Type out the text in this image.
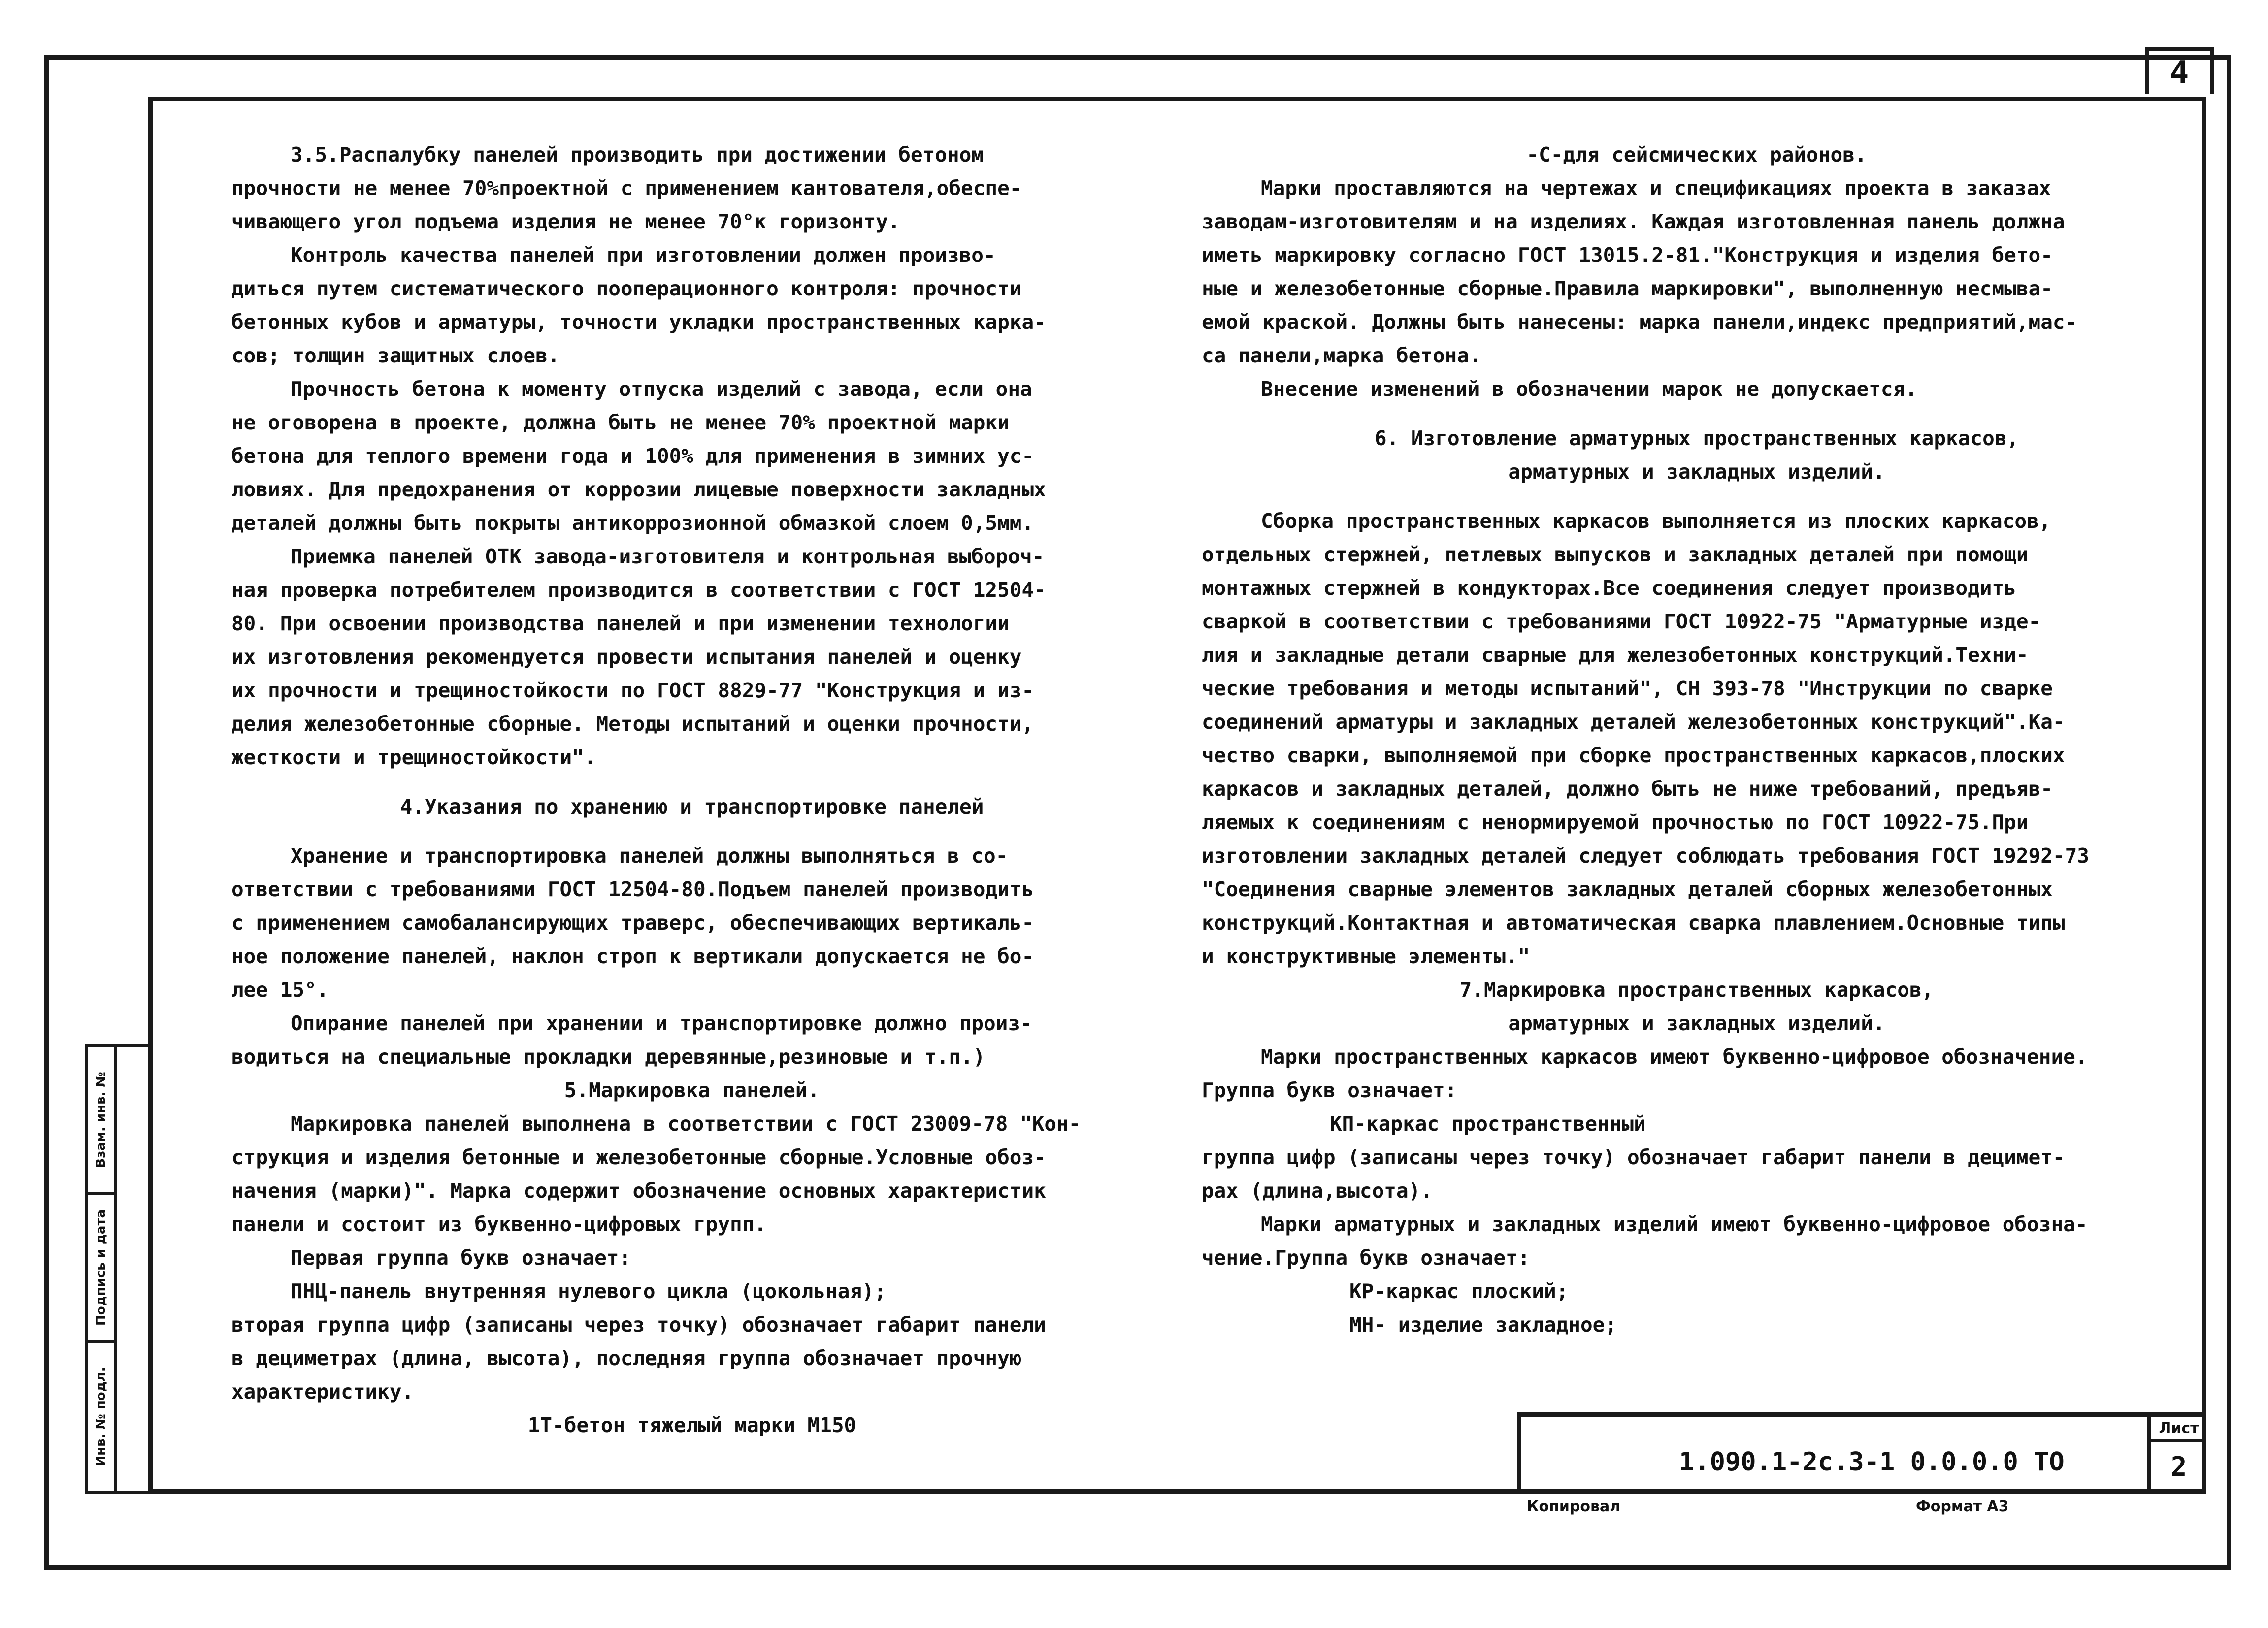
4
Инв. № подл.
Подпись и дата
Взам. инв. №
3.5.Распалубку панелей производить при достижении бетоном
прочности не менее 70%проектной с применением кантователя,обеспе-
чивающего угол подъема изделия не менее 70°к горизонту.
Контроль качества панелей при изготовлении должен произво-
диться путем систематического пооперационного контроля: прочности
бетонных кубов и арматуры, точности укладки пространственных карка-
сов; толщин защитных слоев.
Прочность бетона к моменту отпуска изделий с завода, если она
не оговорена в проекте, должна быть не менее 70% проектной марки
бетона для теплого времени года и 100% для применения в зимних ус-
ловиях. Для предохранения от коррозии лицевые поверхности закладных
деталей должны быть покрыты антикоррозионной обмазкой слоем 0,5мм.
Приемка панелей ОТК завода-изготовителя и контрольная выбороч-
ная проверка потребителем производится в соответствии с ГОСТ 12504-
80. При освоении производства панелей и при изменении технологии
их изготовления рекомендуется провести испытания панелей и оценку
их прочности и трещиностойкости по ГОСТ 8829-77 "Конструкция и из-
делия железобетонные сборные. Методы испытаний и оценки прочности,
жесткости и трещиностойкости".
4.Указания по хранению и транспортировке панелей
Хранение и транспортировка панелей должны выполняться в со-
ответствии с требованиями ГОСТ 12504-80.Подъем панелей производить
с применением самобалансирующих траверс, обеспечивающих вертикаль-
ное положение панелей, наклон строп к вертикали допускается не бо-
лее 15°.
Опирание панелей при хранении и транспортировке должно произ-
водиться на специальные прокладки деревянные,резиновые и т.п.)
5.Маркировка панелей.
Маркировка панелей выполнена в соответствии с ГОСТ 23009-78 "Кон-
струкция и изделия бетонные и железобетонные сборные.Условные обоз-
начения (марки)". Марка содержит обозначение основных характеристик
панели и состоит из буквенно-цифровых групп.
Первая группа букв означает:
ПНЦ-панель внутренняя нулевого цикла (цокольная);
вторая группа цифр (записаны через точку) обозначает габарит панели
в дециметрах (длина, высота), последняя группа обозначает прочную
характеристику.
1Т-бетон тяжелый марки М150
-С-для сейсмических районов.
Марки проставляются на чертежах и спецификациях проекта в заказах
заводам-изготовителям и на изделиях. Каждая изготовленная панель должна
иметь маркировку согласно ГОСТ 13015.2-81."Конструкция и изделия бето-
ные и железобетонные сборные.Правила маркировки", выполненную несмыва-
емой краской. Должны быть нанесены: марка панели,индекс предприятий,мас-
са панели,марка бетона.
Внесение изменений в обозначении марок не допускается.
6. Изготовление арматурных пространственных каркасов,
арматурных и закладных изделий.
Сборка пространственных каркасов выполняется из плоских каркасов,
отдельных стержней, петлевых выпусков и закладных деталей при помощи
монтажных стержней в кондукторах.Все соединения следует производить
сваркой в соответствии с требованиями ГОСТ 10922-75 "Арматурные изде-
лия и закладные детали сварные для железобетонных конструкций.Техни-
ческие требования и методы испытаний", СН 393-78 "Инструкции по сварке
соединений арматуры и закладных деталей железобетонных конструкций".Ка-
чество сварки, выполняемой при сборке пространственных каркасов,плоских
каркасов и закладных деталей, должно быть не ниже требований, предъяв-
ляемых к соединениям с ненормируемой прочностью по ГОСТ 10922-75.При
изготовлении закладных деталей следует соблюдать требования ГОСТ 19292-73
"Соединения сварные элементов закладных деталей сборных железобетонных
конструкций.Контактная и автоматическая сварка плавлением.Основные типы
и конструктивные элементы."
7.Маркировка пространственных каркасов,
арматурных и закладных изделий.
Марки пространственных каркасов имеют буквенно-цифровое обозначение.
Группа букв означает:
КП-каркас пространственный
группа цифр (записаны через точку) обозначает габарит панели в децимет-
рах (длина,высота).
Марки арматурных и закладных изделий имеют буквенно-цифровое обозна-
чение.Группа букв означает:
КР-каркас плоский;
МН- изделие закладное;
1.090.1-2с.3-1 0.0.0.0 ТО
Лист
2
Копировал	Формат А3
